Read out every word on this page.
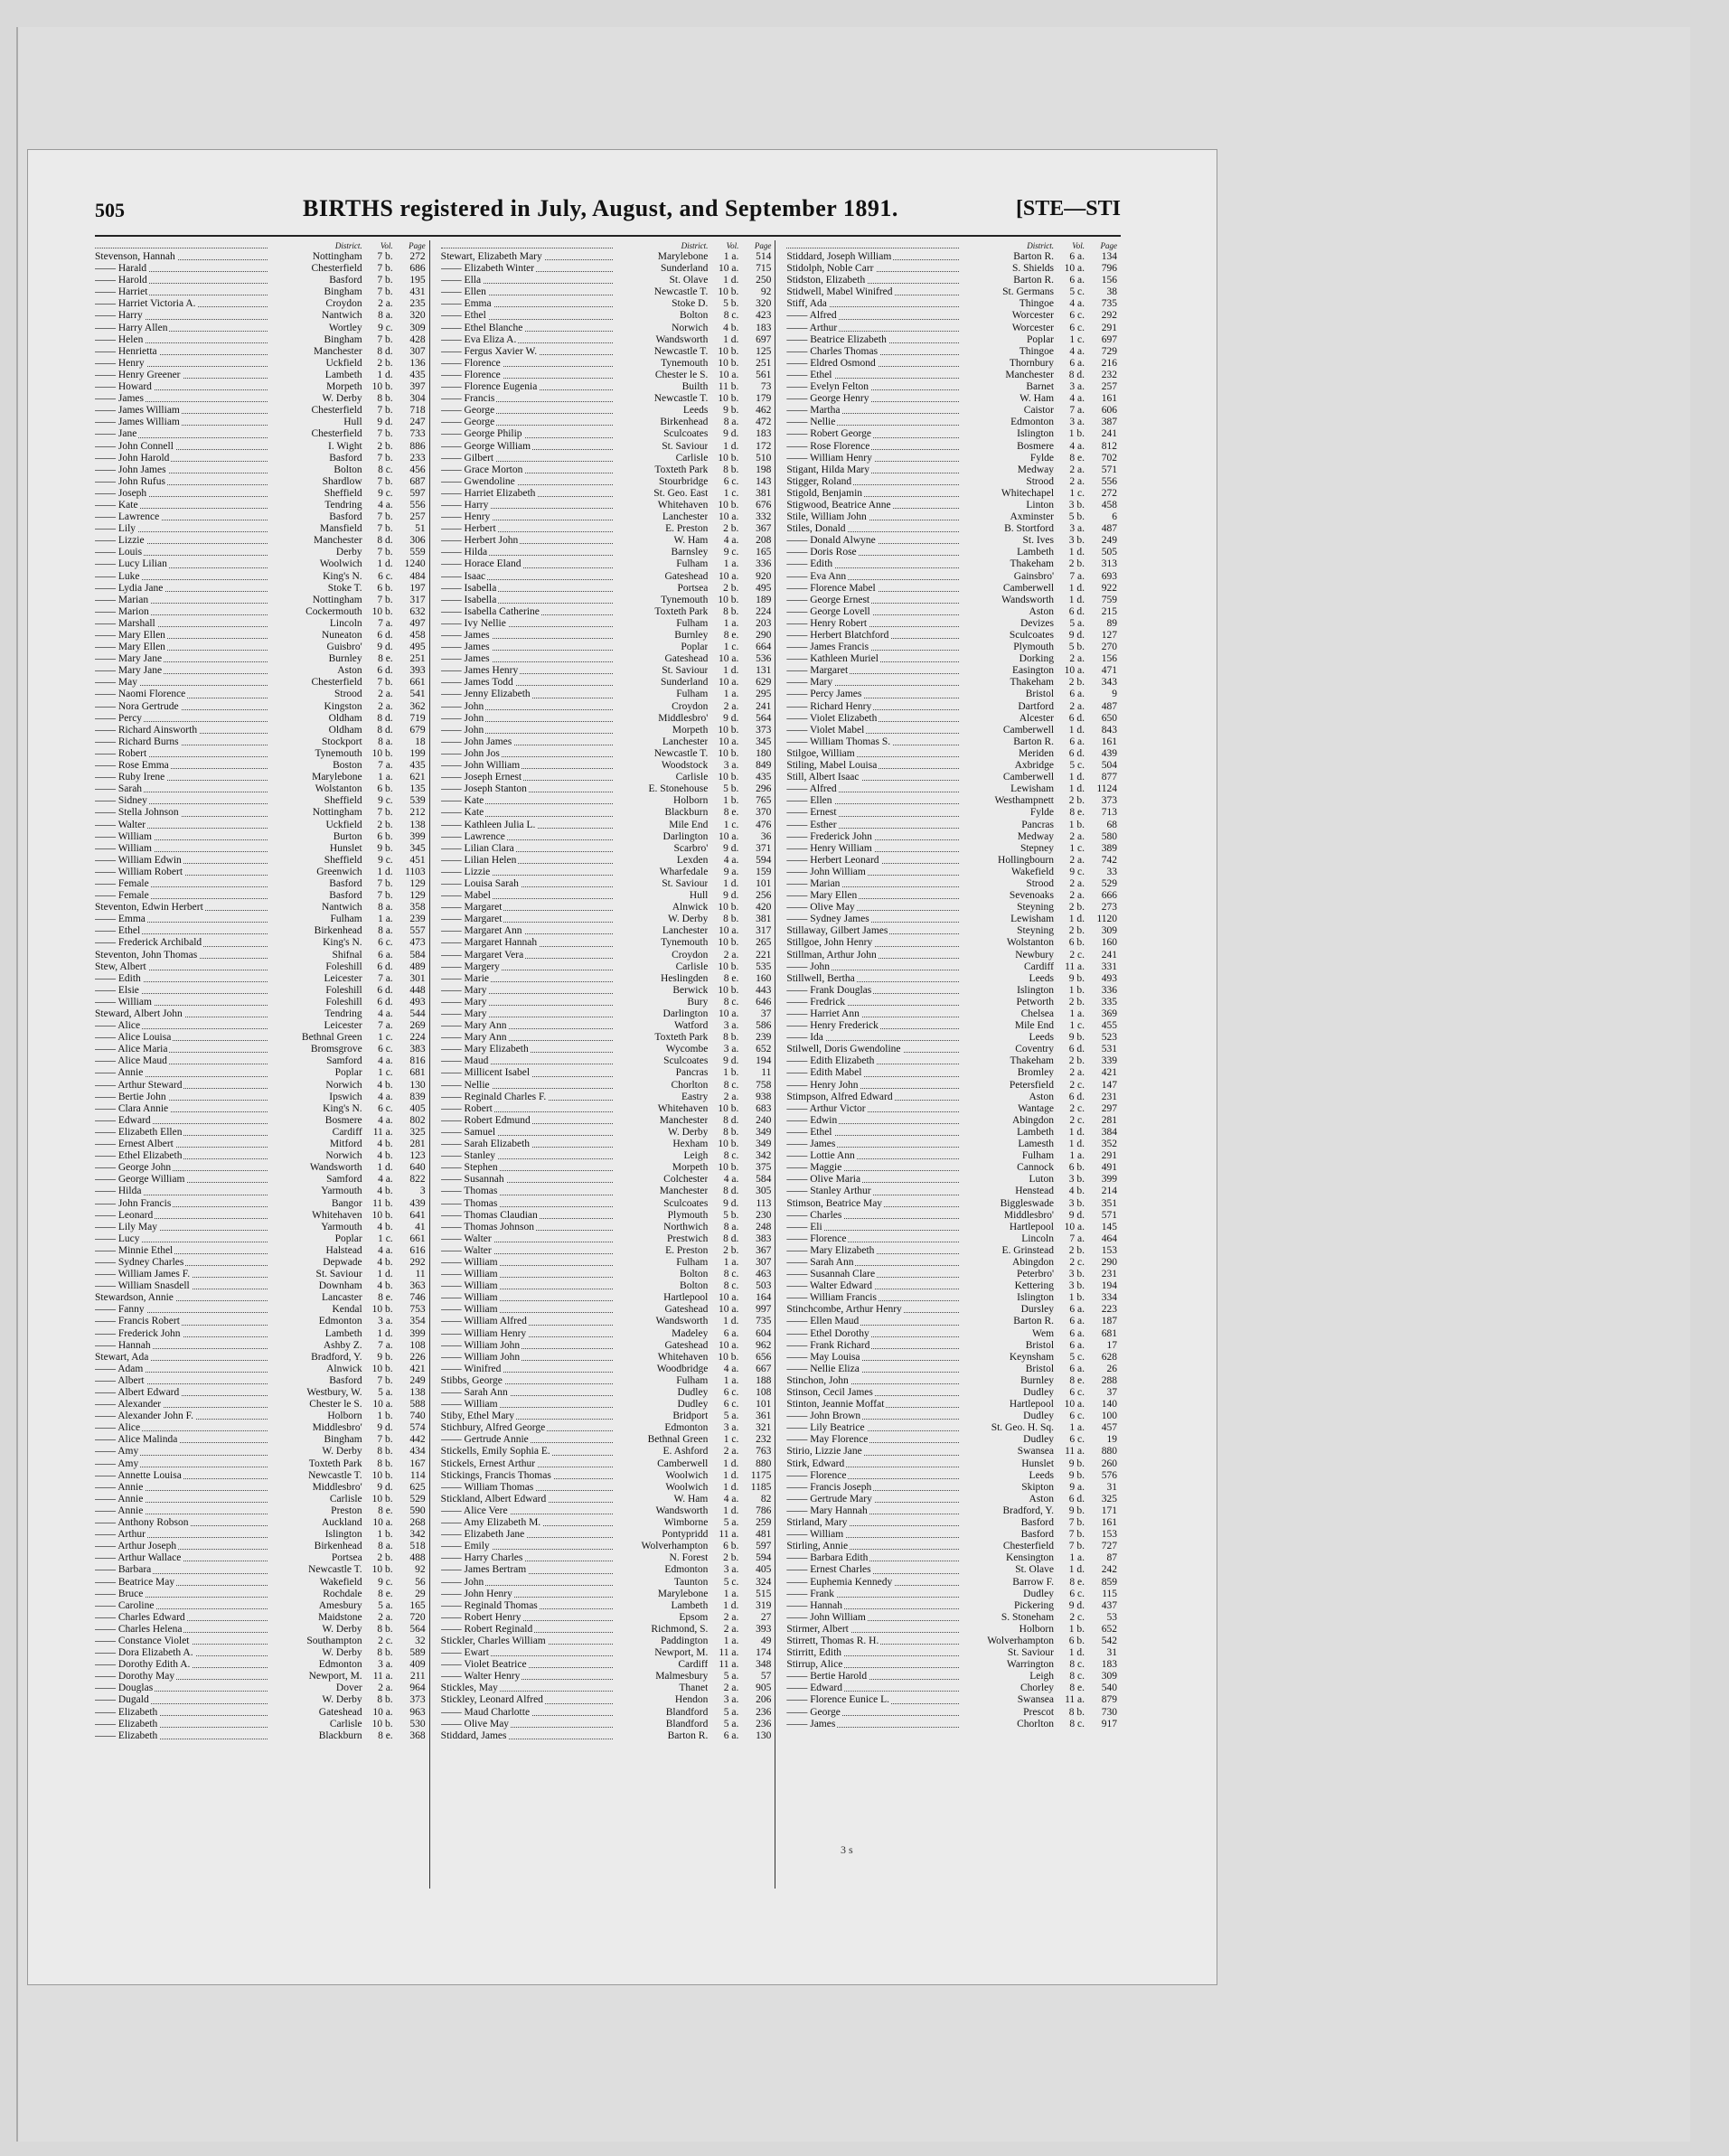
505	BIRTHS registered in July, August, and September 1891.	[STE—STI
District.	Vol.	Page
Stevenson, Hannah	Nottingham	7 b.	272
—— Harald	Chesterfield	7 b.	686
—— Harold	Basford	7 b.	195
—— Harriet	Bingham	7 b.	431
—— Harriet Victoria A.	Croydon	2 a.	235
—— Harry	Nantwich	8 a.	320
—— Harry Allen	Wortley	9 c.	309
—— Helen	Bingham	7 b.	428
—— Henrietta	Manchester	8 d.	307
—— Henry	Uckfield	2 b.	136
—— Henry Greener	Lambeth	1 d.	435
—— Howard	Morpeth 10 b.	397
—— James	W. Derby	8 b.	304
—— James William	Chesterfield	7 b.	718
—— James William	Hull	9 d.	247
—— Jane	Chesterfield	7 b.	733
—— John Connell	I. Wight	2 b.	886
—— John Harold	Basford	7 b.	233
—— John James	Bolton	8 c.	456
—— John Rufus	Shardlow	7 b.	687
—— Joseph	Sheffield	9 c.	597
—— Kate	Tendring	4 a.	556
—— Lawrence	Basford	7 b.	257
—— Lily	Mansfield	7 b.	51
—— Lizzie	Manchester	8 d.	306
—— Louis	Derby	7 b.	559
—— Lucy Lilian	Woolwich	1 d.	1240
—— Luke	King's N.	6 c.	484
—— Lydia Jane	Stoke T.	6 b.	197
—— Marian	Nottingham	7 b.	317
—— Marion	Cockermouth 10 b.	632
—— Marshall	Lincoln	7 a.	497
—— Mary Ellen	Nuneaton	6 d.	458
—— Mary Ellen	Guisbro'	9 d.	495
—— Mary Jane	Burnley	8 e.	251
—— Mary Jane	Aston	6 d.	393
—— May	Chesterfield	7 b.	661
—— Naomi Florence	Strood	2 a.	541
—— Nora Gertrude	Kingston	2 a.	362
—— Percy	Oldham	8 d.	719
—— Richard Ainsworth	Oldham	8 d.	679
—— Richard Burns	Stockport	8 a.	18
—— Robert	Tynemouth 10 b.	199
—— Rose Emma	Boston	7 a.	435
—— Ruby Irene	Marylebone	1 a.	621
—— Sarah	Wolstanton	6 b.	135
—— Sidney	Sheffield	9 c.	539
—— Stella Johnson	Nottingham	7 b.	212
—— Walter	Uckfield	2 b.	138
—— William	Burton	6 b.	399
—— William	Hunslet	9 b.	345
—— William Edwin	Sheffield	9 c.	451
—— William Robert	Greenwich	1 d.	1103
—— Female	Basford	7 b.	129
—— Female	Basford	7 b.	129
Steventon, Edwin Herbert	Nantwich	8 a.	358
—— Emma	Fulham	1 a.	239
—— Ethel	Birkenhead	8 a.	557
—— Frederick Archibald	King's N.	6 c.	473
Steventon, John Thomas	Shifnal	6 a.	584
Stew, Albert	Foleshill	6 d.	489
—— Edith	Leicester	7 a.	301
—— Elsie	Foleshill	6 d.	448
—— William	Foleshill	6 d.	493
Steward, Albert John	Tendring	4 a.	544
—— Alice	Leicester	7 a.	269
—— Alice Louisa	Bethnal Green	1 c.	224
—— Alice Maria	Bromsgrove	6 c.	383
—— Alice Maud	Samford	4 a.	816
—— Annie	Poplar	1 c.	681
—— Arthur Steward	Norwich	4 b.	130
—— Bertie John	Ipswich	4 a.	839
—— Clara Annie	King's N.	6 c.	405
—— Edward	Bosmere	4 a.	802
—— Elizabeth Ellen	Cardiff	11 a.	325
—— Ernest Albert	Mitford	4 b.	281
—— Ethel Elizabeth	Norwich	4 b.	123
—— George John	Wandsworth	1 d.	640
—— George William	Samford	4 a.	822
—— Hilda	Yarmouth	4 b.	3
—— John Francis	Bangor 11 b.	439
—— Leonard	Whitehaven 10 b.	641
—— Lily May	Yarmouth	4 b.	41
—— Lucy	Poplar	1 c.	661
—— Minnie Ethel	Halstead	4 a.	616
—— Sydney Charles	Depwade	4 b.	292
—— William James F.	St. Saviour	1 d.	11
—— William Snasdell	Downham	4 b.	363
Stewardson, Annie	Lancaster	8 e.	746
—— Fanny	Kendal 10 b.	753
—— Francis Robert	Edmonton	3 a.	354
—— Frederick John	Lambeth	1 d.	399
—— Hannah	Ashby Z.	7 a.	108
Stewart, Ada	Bradford, Y.	9 b.	226
—— Adam	Alnwick 10 b.	421
—— Albert	Basford	7 b.	249
—— Albert Edward	Westbury, W.	5 a.	138
—— Alexander	Chester le S.	10 a.	588
—— Alexander John F.	Holborn	1 b.	740
—— Alice	Middlesbro'	9 d.	574
—— Alice Malinda	Bingham	7 b.	442
—— Amy	W. Derby	8 b.	434
—— Amy	Toxteth Park	8 b.	167
—— Annette Louisa	Newcastle T. 10 b.	114
—— Annie	Middlesbro'	9 d.	625
—— Annie	Carlisle 10 b.	529
—— Annie	Preston	8 e.	590
—— Anthony Robson	Auckland	10 a.	268
—— Arthur	Islington	1 b.	342
—— Arthur Joseph	Birkenhead	8 a.	518
—— Arthur Wallace	Portsea	2 b.	488
—— Barbara	Newcastle T. 10 b.	92
—— Beatrice May	Wakefield	9 c.	56
—— Bruce	Rochdale	8 e.	29
—— Caroline	Amesbury	5 a.	165
—— Charles Edward	Maidstone	2 a.	720
—— Charles Helena	W. Derby	8 b.	564
—— Constance Violet	Southampton	2 c.	32
—— Dora Elizabeth A.	W. Derby	8 b.	589
—— Dorothy Edith A.	Edmonton	3 a.	409
—— Dorothy May	Newport, M.	11 a.	211
—— Douglas	Dover	2 a.	964
—— Dugald	W. Derby	8 b.	373
—— Elizabeth	Gateshead	10 a.	963
—— Elizabeth	Carlisle 10 b.	530
—— Elizabeth	Blackburn	8 e.	368
District.	Vol.	Page
Stewart, Elizabeth Mary	Marylebone	1 a.	514
—— Elizabeth Winter	Sunderland	10 a.	715
—— Ella	St. Olave	1 d.	250
—— Ellen	Newcastle T. 10 b.	92
—— Emma	Stoke D.	5 b.	320
—— Ethel	Bolton	8 c.	423
—— Ethel Blanche	Norwich	4 b.	183
—— Eva Eliza A.	Wandsworth	1 d.	697
—— Fergus Xavier W.	Newcastle T. 10 b.	125
—— Florence	Tynemouth 10 b.	251
—— Florence	Chester le S.	10 a.	561
—— Florence Eugenia	Builth 11 b.	73
—— Francis	Newcastle T. 10 b.	179
—— George	Leeds	9 b.	462
—— George	Birkenhead	8 a.	472
—— George Philip	Sculcoates	9 d.	183
—— George William	St. Saviour	1 d.	172
—— Gilbert	Carlisle 10 b.	510
—— Grace Morton	Toxteth Park	8 b.	198
—— Gwendoline	Stourbridge	6 c.	143
—— Harriet Elizabeth	St. Geo. East	1 c.	381
—— Harry	Whitehaven 10 b.	676
—— Henry	Lanchester	10 a.	332
—— Herbert	E. Preston	2 b.	367
—— Herbert John	W. Ham	4 a.	208
—— Hilda	Barnsley	9 c.	165
—— Horace Eland	Fulham	1 a.	336
—— Isaac	Gateshead	10 a.	920
—— Isabella	Portsea	2 b.	495
—— Isabella	Tynemouth 10 b.	189
—— Isabella Catherine	Toxteth Park	8 b.	224
—— Ivy Nellie	Fulham	1 a.	203
—— James	Burnley	8 e.	290
—— James	Poplar	1 c.	664
—— James	Gateshead	10 a.	536
—— James Henry	St. Saviour	1 d.	131
—— James Todd	Sunderland	10 a.	629
—— Jenny Elizabeth	Fulham	1 a.	295
—— John	Croydon	2 a.	241
—— John	Middlesbro'	9 d.	564
—— John	Morpeth 10 b.	373
—— John James	Lanchester	10 a.	345
—— John Jos	Newcastle T. 10 b.	180
—— John William	Woodstock	3 a.	849
—— Joseph Ernest	Carlisle 10 b.	435
—— Joseph Stanton	E. Stonehouse	5 b.	296
—— Kate	Holborn	1 b.	765
—— Kate	Blackburn	8 e.	370
—— Kathleen Julia L.	Mile End	1 c.	476
—— Lawrence	Darlington	10 a.	36
—— Lilian Clara	Scarbro'	9 d.	371
—— Lilian Helen	Lexden	4 a.	594
—— Lizzie	Wharfedale	9 a.	159
—— Louisa Sarah	St. Saviour	1 d.	101
—— Mabel	Hull	9 d.	256
—— Margaret	Alnwick 10 b.	420
—— Margaret	W. Derby	8 b.	381
—— Margaret Ann	Lanchester	10 a.	317
—— Margaret Hannah	Tynemouth 10 b.	265
—— Margaret Vera	Croydon	2 a.	221
—— Margery	Carlisle 10 b.	535
—— Marie	Heslingden	8 e.	160
—— Mary	Berwick 10 b.	443
—— Mary	Bury	8 c.	646
—— Mary	Darlington	10 a.	37
—— Mary Ann	Watford	3 a.	586
—— Mary Ann	Toxteth Park	8 b.	239
—— Mary Elizabeth	Wycombe	3 a.	652
—— Maud	Sculcoates	9 d.	194
—— Millicent Isabel	Pancras	1 b.	11
—— Nellie	Chorlton	8 c.	758
—— Reginald Charles F.	Eastry	2 a.	938
—— Robert	Whitehaven 10 b.	683
—— Robert Edmund	Manchester	8 d.	240
—— Samuel	W. Derby	8 b.	349
—— Sarah Elizabeth	Hexham 10 b.	349
—— Stanley	Leigh	8 c.	342
—— Stephen	Morpeth 10 b.	375
—— Susannah	Colchester	4 a.	584
—— Thomas	Manchester	8 d.	305
—— Thomas	Sculcoates	9 d.	113
—— Thomas Claudian	Plymouth	5 b.	230
—— Thomas Johnson	Northwich	8 a.	248
—— Walter	Prestwich	8 d.	383
—— Walter	E. Preston	2 b.	367
—— William	Fulham	1 a.	307
—— William	Bolton	8 c.	463
—— William	Bolton	8 c.	503
—— William	Hartlepool	10 a.	164
—— William	Gateshead	10 a.	997
—— William Alfred	Wandsworth	1 d.	735
—— William Henry	Madeley	6 a.	604
—— William John	Gateshead	10 a.	962
—— William John	Whitehaven 10 b.	656
—— Winifred	Woodbridge	4 a.	667
Stibbs, George	Fulham	1 a.	188
—— Sarah Ann	Dudley	6 c.	108
—— William	Dudley	6 c.	101
Stiby, Ethel Mary	Bridport	5 a.	361
Stichbury, Alfred George	Edmonton	3 a.	321
—— Gertrude Annie	Bethnal Green	1 c.	232
Stickells, Emily Sophia E.	E. Ashford	2 a.	763
Stickels, Ernest Arthur	Camberwell	1 d.	880
Stickings, Francis Thomas	Woolwich	1 d.	1175
—— William Thomas	Woolwich	1 d.	1185
Stickland, Albert Edward	W. Ham	4 a.	82
—— Alice Vere	Wandsworth	1 d.	786
—— Amy Elizabeth M.	Wimborne	5 a.	259
—— Elizabeth Jane	Pontypridd	11 a.	481
—— Emily	Wolverhampton	6 b.	597
—— Harry Charles	N. Forest	2 b.	594
—— James Bertram	Edmonton	3 a.	405
—— John	Taunton	5 c.	324
—— John Henry	Marylebone	1 a.	515
—— Reginald Thomas	Lambeth	1 d.	319
—— Robert Henry	Epsom	2 a.	27
—— Robert Reginald	Richmond, S.	2 a.	393
Stickler, Charles William	Paddington	1 a.	49
—— Ewart	Newport, M.	11 a.	174
—— Violet Beatrice	Cardiff	11 a.	348
—— Walter Henry	Malmesbury	5 a.	57
Stickles, May	Thanet	2 a.	905
Stickley, Leonard Alfred	Hendon	3 a.	206
—— Maud Charlotte	Blandford	5 a.	236
—— Olive May	Blandford	5 a.	236
Stiddard, James	Barton R.	6 a.	130
District.	Vol.	Page
Stiddard, Joseph William	Barton R.	6 a.	134
Stidolph, Noble Carr	S. Shields	10 a.	796
Stidston, Elizabeth	Barton R.	6 a.	156
Stidwell, Mabel Winifred	St. Germans	5 c.	38
Stiff, Ada	Thingoe	4 a.	735
—— Alfred	Worcester	6 c.	292
—— Arthur	Worcester	6 c.	291
—— Beatrice Elizabeth	Poplar	1 c.	697
—— Charles Thomas	Thingoe	4 a.	729
—— Eldred Osmond	Thornbury	6 a.	216
—— Ethel	Manchester	8 d.	232
—— Evelyn Felton	Barnet	3 a.	257
—— George Henry	W. Ham	4 a.	161
—— Martha	Caistor	7 a.	606
—— Nellie	Edmonton	3 a.	387
—— Robert George	Islington	1 b.	241
—— Rose Florence	Bosmere	4 a.	812
—— William Henry	Fylde	8 e.	702
Stigant, Hilda Mary	Medway	2 a.	571
Stigger, Roland	Strood	2 a.	556
Stigold, Benjamin	Whitechapel	1 c.	272
Stigwood, Beatrice Anne	Linton	3 b.	458
Stile, William John	Axminster	5 b.	6
Stiles, Donald	B. Stortford	3 a.	487
—— Donald Alwyne	St. Ives	3 b.	249
—— Doris Rose	Lambeth	1 d.	505
—— Edith	Thakeham	2 b.	313
—— Eva Ann	Gainsbro'	7 a.	693
—— Florence Mabel	Camberwell	1 d.	922
—— George Ernest	Wandsworth	1 d.	759
—— George Lovell	Aston	6 d.	215
—— Henry Robert	Devizes	5 a.	89
—— Herbert Blatchford	Sculcoates	9 d.	127
—— James Francis	Plymouth	5 b.	270
—— Kathleen Muriel	Dorking	2 a.	156
—— Margaret	Easington	10 a.	471
—— Mary	Thakeham	2 b.	343
—— Percy James	Bristol	6 a.	9
—— Richard Henry	Dartford	2 a.	487
—— Violet Elizabeth	Alcester	6 d.	650
—— Violet Mabel	Camberwell	1 d.	843
—— William Thomas S.	Barton R.	6 a.	161
Stilgoe, William	Meriden	6 d.	439
Stiling, Mabel Louisa	Axbridge	5 c.	504
Still, Albert Isaac	Camberwell	1 d.	877
—— Alfred	Lewisham	1 d.	1124
—— Ellen	Westhampnett	2 b.	373
—— Ernest	Fylde	8 e.	713
—— Esther	Pancras	1 b.	68
—— Frederick John	Medway	2 a.	580
—— Henry William	Stepney	1 c.	389
—— Herbert Leonard	Hollingbourn	2 a.	742
—— John William	Wakefield	9 c.	33
—— Marian	Strood	2 a.	529
—— Mary Ellen	Sevenoaks	2 a.	666
—— Olive May	Steyning	2 b.	273
—— Sydney James	Lewisham	1 d.	1120
Stillaway, Gilbert James	Steyning	2 b.	309
Stillgoe, John Henry	Wolstanton	6 b.	160
Stillman, Arthur John	Newbury	2 c.	241
—— John	Cardiff	11 a.	331
Stillwell, Bertha	Leeds	9 b.	493
—— Frank Douglas	Islington	1 b.	336
—— Fredrick	Petworth	2 b.	335
—— Harriet Ann	Chelsea	1 a.	369
—— Henry Frederick	Mile End	1 c.	455
—— Ida	Leeds	9 b.	523
Stilwell, Doris Gwendoline	Coventry	6 d.	531
—— Edith Elizabeth	Thakeham	2 b.	339
—— Edith Mabel	Bromley	2 a.	421
—— Henry John	Petersfield	2 c.	147
Stimpson, Alfred Edward	Aston	6 d.	231
—— Arthur Victor	Wantage	2 c.	297
—— Edwin	Abingdon	2 c.	281
—— Ethel	Lambeth	1 d.	384
—— James	Lamesth	1 d.	352
—— Lottie Ann	Fulham	1 a.	291
—— Maggie	Cannock	6 b.	491
—— Olive Maria	Luton	3 b.	399
—— Stanley Arthur	Henstead	4 b.	214
Stimson, Beatrice May	Biggleswade	3 b.	351
—— Charles	Middlesbro'	9 d.	571
—— Eli	Hartlepool	10 a.	145
—— Florence	Lincoln	7 a.	464
—— Mary Elizabeth	E. Grinstead	2 b.	153
—— Sarah Ann	Abingdon	2 c.	290
—— Susannah Clare	Peterbro'	3 b.	231
—— Walter Edward	Kettering	3 b.	194
—— William Francis	Islington	1 b.	334
Stinchcombe, Arthur Henry	Dursley	6 a.	223
—— Ellen Maud	Barton R.	6 a.	187
—— Ethel Dorothy	Wem	6 a.	681
—— Frank Richard	Bristol	6 a.	17
—— May Louisa	Keynsham	5 c.	628
—— Nellie Eliza	Bristol	6 a.	26
Stinchon, John	Burnley	8 e.	288
Stinson, Cecil James	Dudley	6 c.	37
Stinton, Jeannie Moffat	Hartlepool	10 a.	140
—— John Brown	Dudley	6 c.	100
—— Lily Beatrice	St. Geo. H. Sq.	1 a.	457
—— May Florence	Dudley	6 c.	19
Stirio, Lizzie Jane	Swansea	11 a.	880
Stirk, Edward	Hunslet	9 b.	260
—— Florence	Leeds	9 b.	576
—— Francis Joseph	Skipton	9 a.	31
—— Gertrude Mary	Aston	6 d.	325
—— Mary Hannah	Bradford, Y.	9 b.	171
Stirland, Mary	Basford	7 b.	161
—— William	Basford	7 b.	153
Stirling, Annie	Chesterfield	7 b.	727
—— Barbara Edith	Kensington	1 a.	87
—— Ernest Charles	St. Olave	1 d.	242
—— Euphemia Kennedy	Barrow F.	8 e.	859
—— Frank	Dudley	6 c.	115
—— Hannah	Pickering	9 d.	437
—— John William	S. Stoneham	2 c.	53
Stirmer, Albert	Holborn	1 b.	652
Stirrett, Thomas R. H.	Wolverhampton	6 b.	542
Stirritt, Edith	St. Saviour	1 d.	31
Stirrup, Alice	Warrington	8 c.	183
—— Bertie Harold	Leigh	8 c.	309
—— Edward	Chorley	8 e.	540
—— Florence Eunice L.	Swansea	11 a.	879
—— George	Prescot	8 b.	730
—— James	Chorlton	8 c.	917
3 s
